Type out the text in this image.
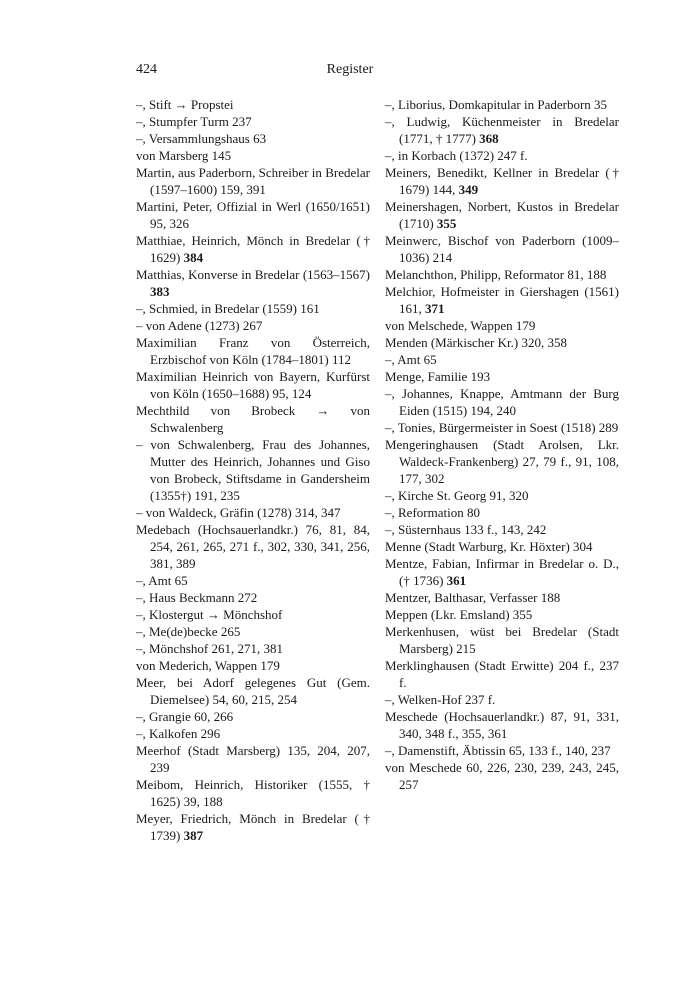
424	Register
–, Stift → Propstei
–, Stumpfer Turm 237
–, Versammlungshaus 63
von Marsberg 145
Martin, aus Paderborn, Schreiber in Bredelar (1597–1600) 159, 391
Martini, Peter, Offizial in Werl (1650/1651) 95, 326
Matthiae, Heinrich, Mönch in Bredelar († 1629) 384
Matthias, Konverse in Bredelar (1563–1567) 383
–, Schmied, in Bredelar (1559) 161
– von Adene (1273) 267
Maximilian Franz von Österreich, Erzbischof von Köln (1784–1801) 112
Maximilian Heinrich von Bayern, Kurfürst von Köln (1650–1688) 95, 124
Mechthild von Brobeck → von Schwalenberg
– von Schwalenberg, Frau des Johannes, Mutter des Heinrich, Johannes und Giso von Brobeck, Stiftsdame in Gandersheim (1355†) 191, 235
– von Waldeck, Gräfin (1278) 314, 347
Medebach (Hochsauerlandkr.) 76, 81, 84, 254, 261, 265, 271 f., 302, 330, 341, 256, 381, 389
–, Amt 65
–, Haus Beckmann 272
–, Klostergut → Mönchshof
–, Me(de)becke 265
–, Mönchshof 261, 271, 381
von Mederich, Wappen 179
Meer, bei Adorf gelegenes Gut (Gem. Diemelsee) 54, 60, 215, 254
–, Grangie 60, 266
–, Kalkofen 296
Meerhof (Stadt Marsberg) 135, 204, 207, 239
Meibom, Heinrich, Historiker (1555, † 1625) 39, 188
Meyer, Friedrich, Mönch in Bredelar († 1739) 387
–, Liborius, Domkapitular in Paderborn 35
–, Ludwig, Küchenmeister in Bredelar (1771, † 1777) 368
–, in Korbach (1372) 247 f.
Meiners, Benedikt, Kellner in Bredelar († 1679) 144, 349
Meinershagen, Norbert, Kustos in Bredelar (1710) 355
Meinwerc, Bischof von Paderborn (1009–1036) 214
Melanchthon, Philipp, Reformator 81, 188
Melchior, Hofmeister in Giershagen (1561) 161, 371
von Melschede, Wappen 179
Menden (Märkischer Kr.) 320, 358
–, Amt 65
Menge, Familie 193
–, Johannes, Knappe, Amtmann der Burg Eiden (1515) 194, 240
–, Tonies, Bürgermeister in Soest (1518) 289
Mengeringhausen (Stadt Arolsen, Lkr. Waldeck-Frankenberg) 27, 79 f., 91, 108, 177, 302
–, Kirche St. Georg 91, 320
–, Reformation 80
–, Süsternhaus 133 f., 143, 242
Menne (Stadt Warburg, Kr. Höxter) 304
Mentze, Fabian, Infirmar in Bredelar o. D., († 1736) 361
Mentzer, Balthasar, Verfasser 188
Meppen (Lkr. Emsland) 355
Merkenhusen, wüst bei Bredelar (Stadt Marsberg) 215
Merklinghausen (Stadt Erwitte) 204 f., 237 f.
–, Welken-Hof 237 f.
Meschede (Hochsauerlandkr.) 87, 91, 331, 340, 348 f., 355, 361
–, Damenstift, Äbtissin 65, 133 f., 140, 237
von Meschede 60, 226, 230, 239, 243, 245, 257
